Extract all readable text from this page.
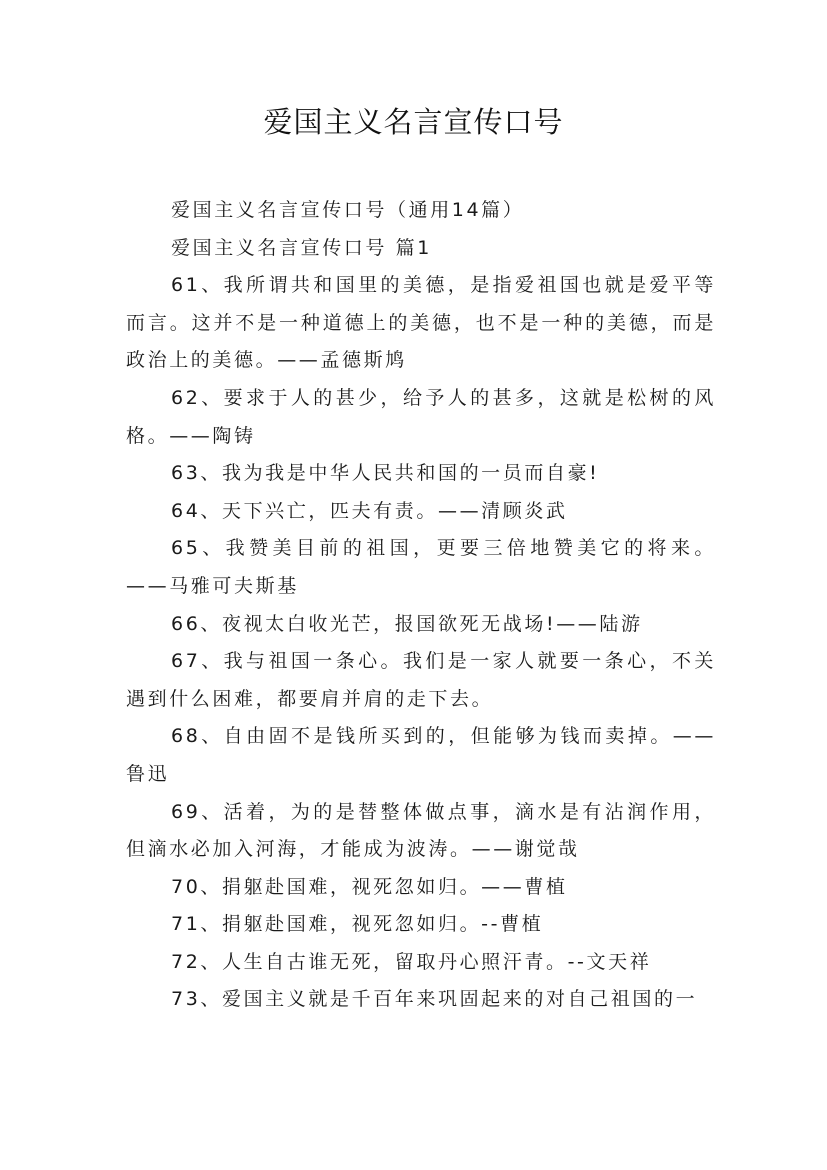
爱国主义名言宣传口号

爱国主义名言宣传口号（通用14篇）

爱国主义名言宣传口号 篇1

61、我所谓共和国里的美德，是指爱祖国也就是爱平等而言。这并不是一种道德上的美德，也不是一种的美德，而是政治上的美德。——孟德斯鸠

62、要求于人的甚少，给予人的甚多，这就是松树的风格。——陶铸

63、我为我是中华人民共和国的一员而自豪!

64、天下兴亡，匹夫有责。——清顾炎武

65、我赞美目前的祖国，更要三倍地赞美它的将来。——马雅可夫斯基

66、夜视太白收光芒，报国欲死无战场!——陆游

67、我与祖国一条心。我们是一家人就要一条心，不关遇到什么困难，都要肩并肩的走下去。

68、自由固不是钱所买到的，但能够为钱而卖掉。——鲁迅

69、活着，为的是替整体做点事，滴水是有沾润作用，但滴水必加入河海，才能成为波涛。——谢觉哉

70、捐躯赴国难，视死忽如归。——曹植

71、捐躯赴国难，视死忽如归。--曹植

72、人生自古谁无死，留取丹心照汗青。--文天祥

73、爱国主义就是千百年来巩固起来的对自己祖国的一
